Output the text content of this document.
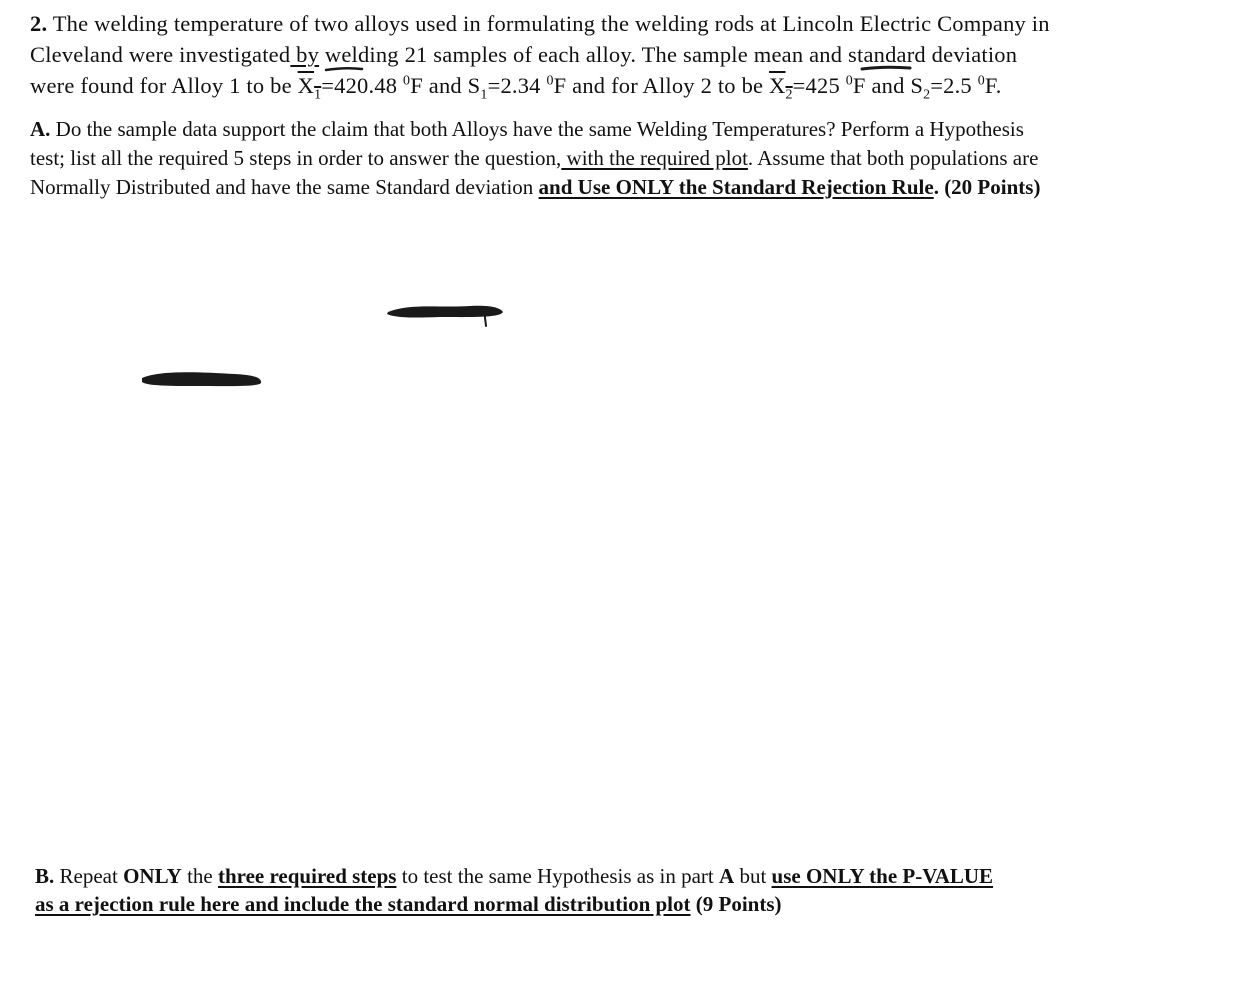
2. The welding temperature of two alloys used in formulating the welding rods at Lincoln Electric Company in
Cleveland were investigated by welding 21 samples of each alloy. The sample mean and standard deviation
were found for Alloy 1 to be $X_1=420.48$ $^0$F and $S_1=2.34$ $^0$F and for Alloy 2 to be $X_2=425$ $^0$F and $S_2=2.5$ $^0$F.
A. Do the sample data support the claim that both Alloys have the same Welding Temperatures? Perform a Hypothesis
test; list all the required 5 steps in order to answer the question, with the required plot. Assume that both populations are
Normally Distributed and have the same Standard deviation and Use ONLY the Standard Rejection Rule. (20 Points)
B. Repeat ONLY the three required steps to test the same Hypothesis as in part A but use ONLY the P-VALUE
as a rejection rule here and include the standard normal distribution plot (9 Points)
